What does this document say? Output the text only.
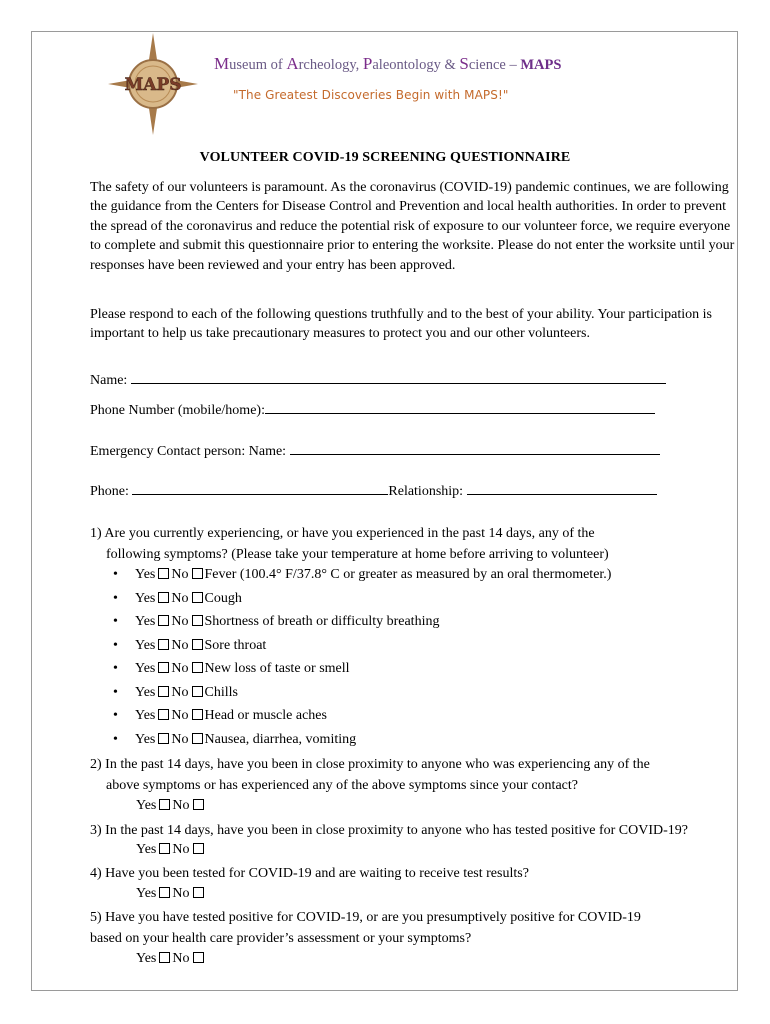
MAPS
Museum of Archeology, Paleontology & Science – MAPS
"The Greatest Discoveries Begin with MAPS!"
VOLUNTEER COVID-19 SCREENING QUESTIONNAIRE
The safety of our volunteers is paramount. As the coronavirus (COVID-19) pandemic continues, we are following the guidance from the Centers for Disease Control and Prevention and local health authorities. In order to prevent the spread of the coronavirus and reduce the potential risk of exposure to our volunteer force, we require everyone to complete and submit this questionnaire prior to entering the worksite. Please do not enter the worksite until your responses have been reviewed and your entry has been approved.
Please respond to each of the following questions truthfully and to the best of your ability. Your participation is important to help us take precautionary measures to protect you and our other volunteers.
Name:
Phone Number (mobile/home):
Emergency Contact person: Name:
Phone:	Relationship:
1) Are you currently experiencing, or have you experienced in the past 14 days, any of the
following symptoms? (Please take your temperature at home before arriving to volunteer)
• Yes No Fever (100.4° F/37.8° C or greater as measured by an oral thermometer.)
• Yes No Cough
• Yes No Shortness of breath or difficulty breathing
• Yes No Sore throat
• Yes No New loss of taste or smell
• Yes No Chills
• Yes No Head or muscle aches
• Yes No Nausea, diarrhea, vomiting
2) In the past 14 days, have you been in close proximity to anyone who was experiencing any of the
above symptoms or has experienced any of the above symptoms since your contact?
Yes No
3) In the past 14 days, have you been in close proximity to anyone who has tested positive for COVID-19?
Yes No
4) Have you been tested for COVID-19 and are waiting to receive test results?
Yes No
5) Have you have tested positive for COVID-19, or are you presumptively positive for COVID-19
based on your health care provider’s assessment or your symptoms?
Yes No
